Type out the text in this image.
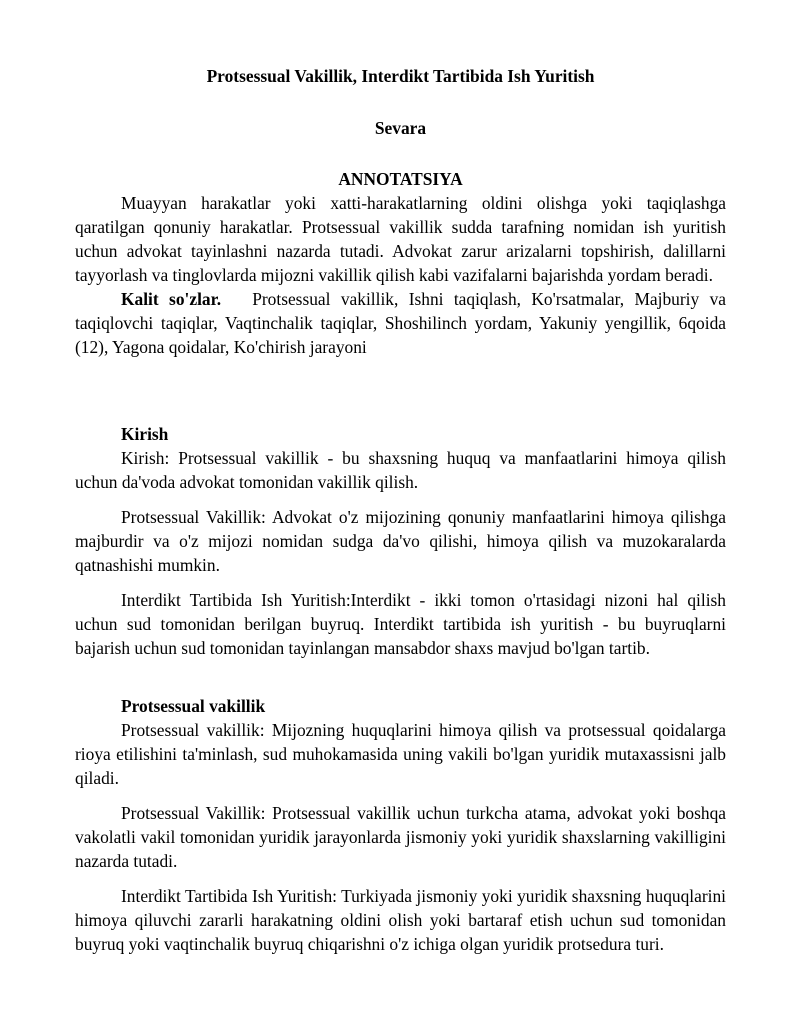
Protsessual Vakillik, Interdikt Tartibida Ish Yuritish
Sevara
ANNOTATSIYA

Muayyan harakatlar yoki xatti-harakatlarning oldini olishga yoki taqiqlashga qaratilgan qonuniy harakatlar. Protsessual vakillik sudda tarafning nomidan ish yuritish uchun advokat tayinlashni nazarda tutadi. Advokat zarur arizalarni topshirish, dalillarni tayyorlash va tinglovlarda mijozni vakillik qilish kabi vazifalarni bajarishda yordam beradi.

Kalit so'zlar. Protsessual vakillik, Ishni taqiqlash, Ko'rsatmalar, Majburiy va taqiqlovchi taqiqlar, Vaqtinchalik taqiqlar, Shoshilinch yordam, Yakuniy yengillik, 6qoida (12), Yagona qoidalar, Ko'chirish jarayoni

Kirish

Kirish: Protsessual vakillik - bu shaxsning huquq va manfaatlarini himoya qilish uchun da'voda advokat tomonidan vakillik qilish.

Protsessual Vakillik: Advokat o'z mijozining qonuniy manfaatlarini himoya qilishga majburdir va o'z mijozi nomidan sudga da'vo qilishi, himoya qilish va muzokaralarda qatnashishi mumkin.

Interdikt Tartibida Ish Yuritish:Interdikt - ikki tomon o'rtasidagi nizoni hal qilish uchun sud tomonidan berilgan buyruq. Interdikt tartibida ish yuritish - bu buyruqlarni bajarish uchun sud tomonidan tayinlangan mansabdor shaxs mavjud bo'lgan tartib.

Protsessual vakillik

Protsessual vakillik: Mijozning huquqlarini himoya qilish va protsessual qoidalarga rioya etilishini ta'minlash, sud muhokamasida uning vakili bo'lgan yuridik mutaxassisni jalb qiladi.

Protsessual Vakillik: Protsessual vakillik uchun turkcha atama, advokat yoki boshqa vakolatli vakil tomonidan yuridik jarayonlarda jismoniy yoki yuridik shaxslarning vakilligini nazarda tutadi.

Interdikt Tartibida Ish Yuritish: Turkiyada jismoniy yoki yuridik shaxsning huquqlarini himoya qiluvchi zararli harakatning oldini olish yoki bartaraf etish uchun sud tomonidan buyruq yoki vaqtinchalik buyruq chiqarishni o'z ichiga olgan yuridik protsedura turi.
